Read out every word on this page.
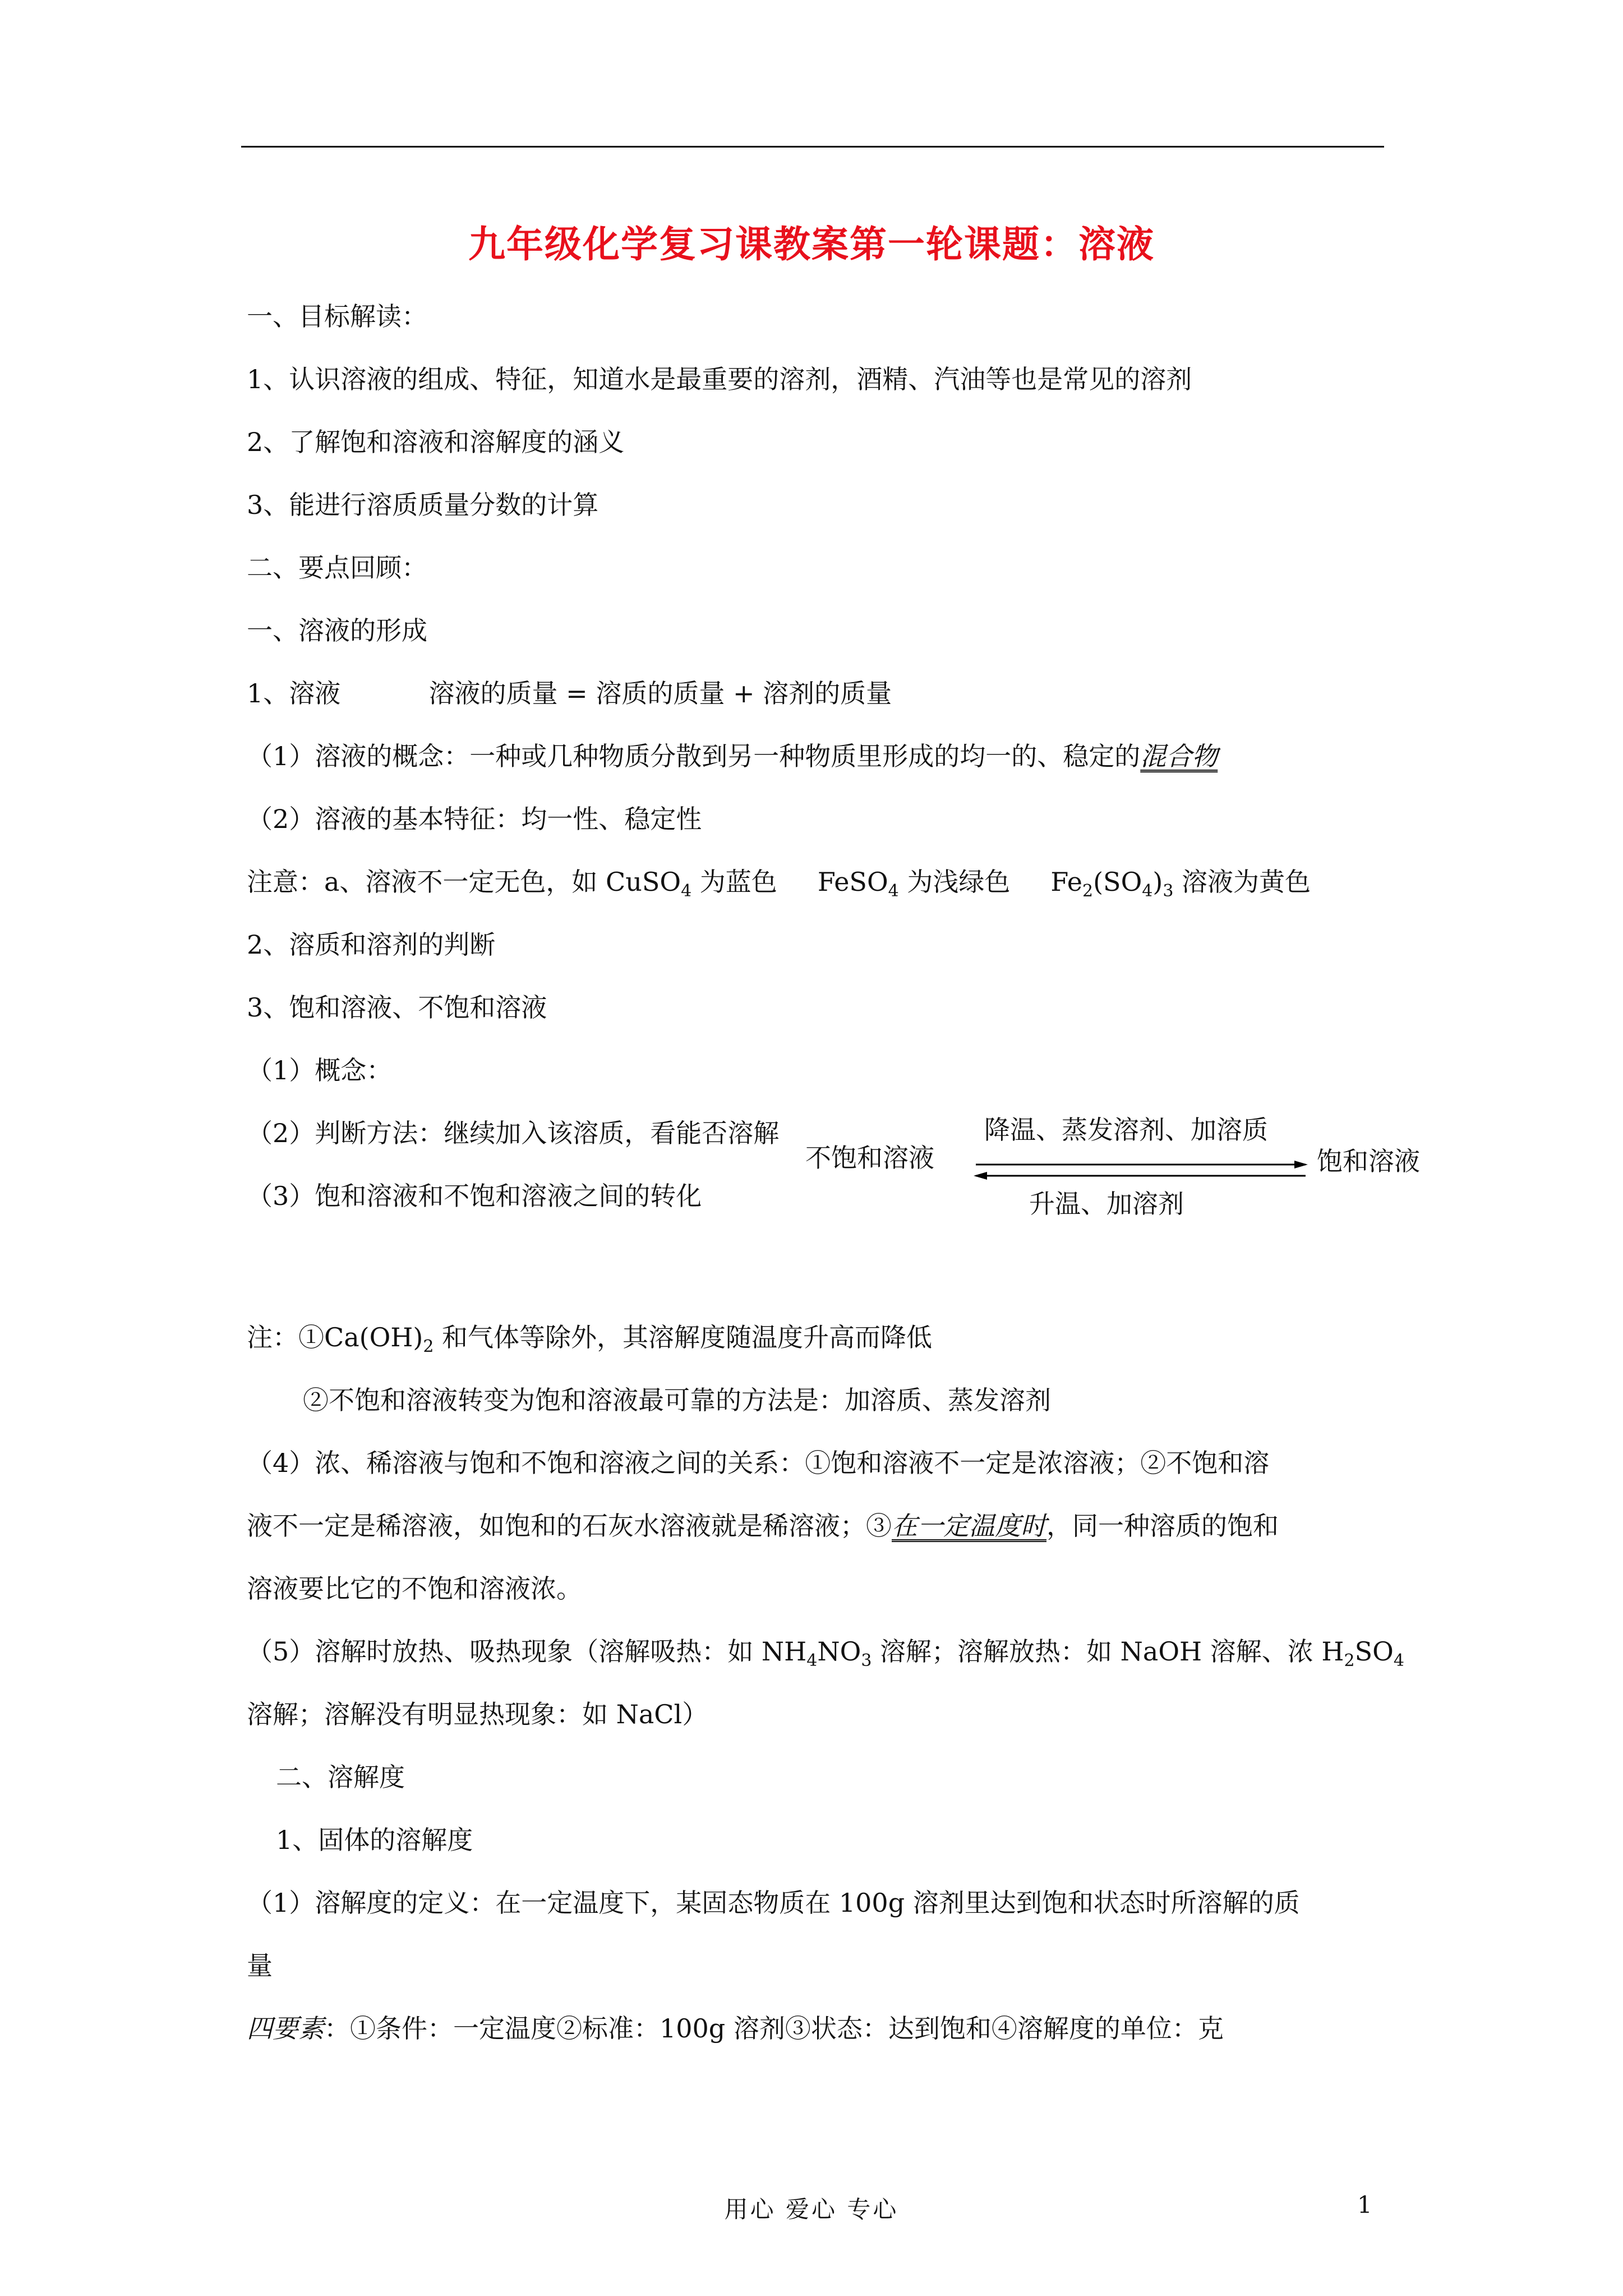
九年级化学复习课教案第一轮课题：溶液
一、目标解读：
1、认识溶液的组成、特征，知道水是最重要的溶剂，酒精、汽油等也是常见的溶剂
2、了解饱和溶液和溶解度的涵义
3、能进行溶质质量分数的计算
二、要点回顾：
一、溶液的形成
1、溶液	溶液的质量 = 溶质的质量 + 溶剂的质量
（1）溶液的概念：一种或几种物质分散到另一种物质里形成的均一的、稳定的混合物
（2）溶液的基本特征：均一性、稳定性
注意：a、溶液不一定无色，如 CuSO$_4$ 为蓝色 FeSO$_4$ 为浅绿色 $Fe_2(SO_4)_3$ 溶液为黄色
2、溶质和溶剂的判断
3、饱和溶液、不饱和溶液
（1）概念：
（2）判断方法：继续加入该溶质，看能否溶解
（3）饱和溶液和不饱和溶液之间的转化
不饱和溶液
降温、蒸发溶剂、加溶质
饱和溶液
升温、加溶剂
注：$①Ca(OH)_2$ 和气体等除外，其溶解度随温度升高而降低
②不饱和溶液转变为饱和溶液最可靠的方法是：加溶质、蒸发溶剂
（4）浓、稀溶液与饱和不饱和溶液之间的关系：①饱和溶液不一定是浓溶液；②不饱和溶
液不一定是稀溶液，如饱和的石灰水溶液就是稀溶液；③在一定温度时，同一种溶质的饱和
溶液要比它的不饱和溶液浓。
（5）溶解时放热、吸热现象（溶解吸热：如 $NH_4NO_3$ 溶解；溶解放热：如 NaOH 溶解、浓 $H_2SO_4$
溶解；溶解没有明显热现象：如 NaCl）
二、溶解度
1、固体的溶解度
（1）溶解度的定义：在一定温度下，某固态物质在 100g 溶剂里达到饱和状态时所溶解的质
量
四要素：①条件：一定温度②标准：100g 溶剂③状态：达到饱和④溶解度的单位：克
用心 爱心 专心	1
